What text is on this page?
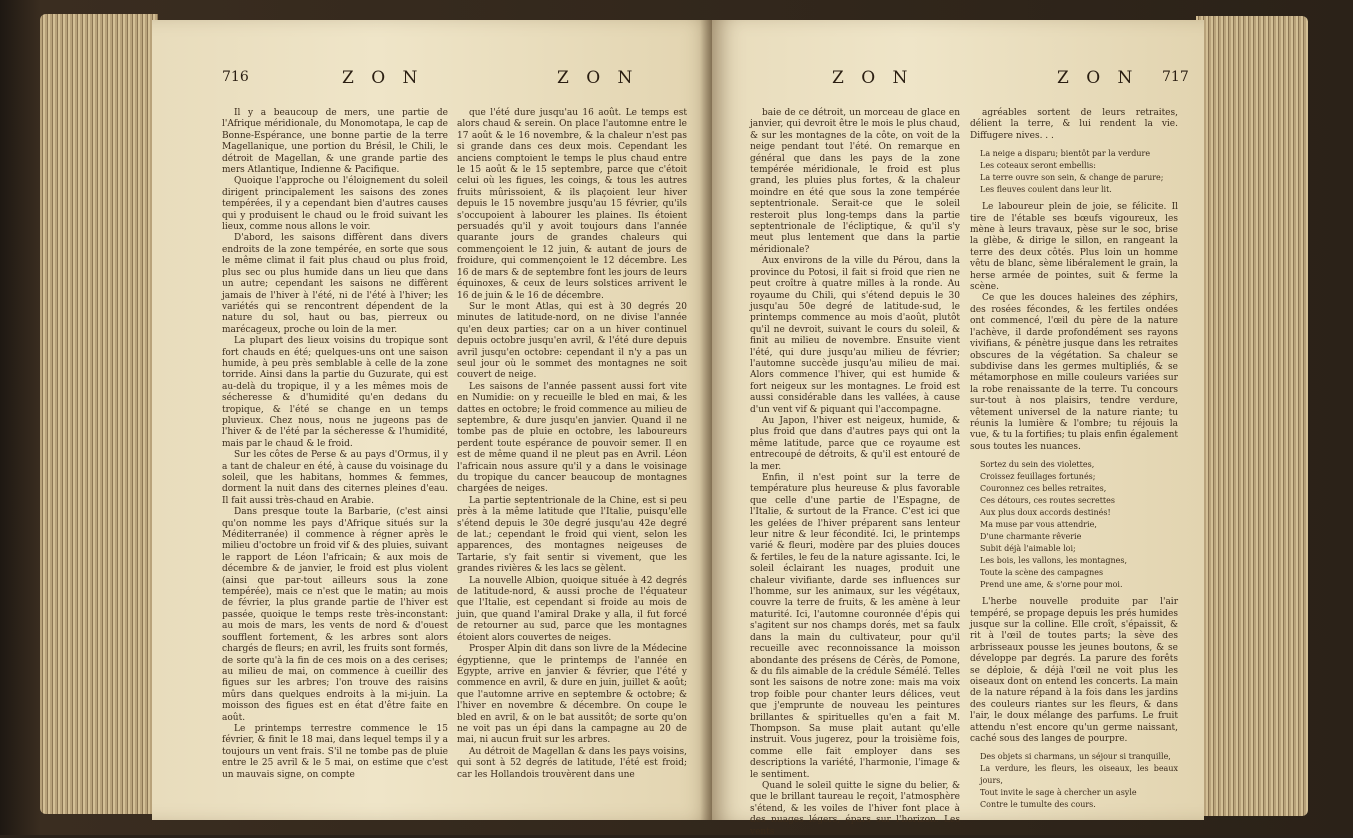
716	Z O N	Z O N

Il y a beaucoup de mers, une partie de l'Afrique méridionale, du Monomotapa, le cap de Bonne-Espérance, une bonne partie de la terre Magellanique, une portion du Brésil, le Chili, le détroit de Magellan, & une grande partie des mers Atlantique, Indienne & Pacifique.

Quoique l'approche ou l'éloignement du soleil dirigent principalement les saisons des zones tempérées, il y a cependant bien d'autres causes qui y produisent le chaud ou le froid suivant les lieux, comme nous allons le voir.

D'abord, les saisons diffèrent dans divers endroits de la zone tempérée, en sorte que sous le même climat il fait plus chaud ou plus froid, plus sec ou plus humide dans un lieu que dans un autre; cependant les saisons ne diffèrent jamais de l'hiver à l'été, ni de l'été à l'hiver; les variétés qui se rencontrent dépendent de la nature du sol, haut ou bas, pierreux ou marécageux, proche ou loin de la mer.

La plupart des lieux voisins du tropique sont fort chauds en été; quelques-uns ont une saison humide, à peu près semblable à celle de la zone torride. Ainsi dans la partie du Guzurate, qui est au-delà du tropique, il y a les mêmes mois de sécheresse & d'humidité qu'en dedans du tropique, & l'été se change en un temps pluvieux. Chez nous, nous ne jugeons pas de l'hiver & de l'été par la sécheresse & l'humidité, mais par le chaud & le froid.

Sur les côtes de Perse & au pays d'Ormus, il y a tant de chaleur en été, à cause du voisinage du soleil, que les habitans, hommes & femmes, dorment la nuit dans des citernes pleines d'eau. Il fait aussi très-chaud en Arabie.

Dans presque toute la Barbarie, (c'est ainsi qu'on nomme les pays d'Afrique situés sur la Méditerranée) il commence à régner après le milieu d'octobre un froid vif & des pluies, suivant le rapport de Léon l'africain; & aux mois de décembre & de janvier, le froid est plus violent (ainsi que par-tout ailleurs sous la zone tempérée), mais ce n'est que le matin; au mois de février, la plus grande partie de l'hiver est passée, quoique le temps reste très-inconstant: au mois de mars, les vents de nord & d'ouest soufflent fortement, & les arbres sont alors chargés de fleurs; en avril, les fruits sont formés, de sorte qu'à la fin de ces mois on a des cerises; au milieu de mai, on commence à cueillir des figues sur les arbres; l'on trouve des raisins mûrs dans quelques endroits à la mi-juin. La moisson des figues est en état d'être faite en août.

Le printemps terrestre commence le 15 février, & finit le 18 mai, dans lequel temps il y a toujours un vent frais. S'il ne tombe pas de pluie entre le 25 avril & le 5 mai, on estime que c'est un mauvais signe, on compte

que l'été dure jusqu'au 16 août. Le temps est alors chaud & serein. On place l'automne entre le 17 août & le 16 novembre, & la chaleur n'est pas si grande dans ces deux mois. Cependant les anciens comptoient le temps le plus chaud entre le 15 août & le 15 septembre, parce que c'étoit celui où les figues, les coings, & tous les autres fruits mûrissoient, & ils plaçoient leur hiver depuis le 15 novembre jusqu'au 15 février, qu'ils s'occupoient à labourer les plaines. Ils étoient persuadés qu'il y avoit toujours dans l'année quarante jours de grandes chaleurs qui commençoient le 12 juin, & autant de jours de froidure, qui commençoient le 12 décembre. Les 16 de mars & de septembre font les jours de leurs équinoxes, & ceux de leurs solstices arrivent le 16 de juin & le 16 de décembre.

Sur le mont Atlas, qui est à 30 degrés 20 minutes de latitude-nord, on ne divise l'année qu'en deux parties; car on a un hiver continuel depuis octobre jusqu'en avril, & l'été dure depuis avril jusqu'en octobre: cependant il n'y a pas un seul jour où le sommet des montagnes ne soit couvert de neige.

Les saisons de l'année passent aussi fort vite en Numidie: on y recueille le bled en mai, & les dattes en octobre; le froid commence au milieu de septembre, & dure jusqu'en janvier. Quand il ne tombe pas de pluie en octobre, les laboureurs perdent toute espérance de pouvoir semer. Il en est de même quand il ne pleut pas en Avril. Léon l'africain nous assure qu'il y a dans le voisinage du tropique du cancer beaucoup de montagnes chargées de neiges.

La partie septentrionale de la Chine, est si peu près à la même latitude que l'Italie, puisqu'elle s'étend depuis le 30e degré jusqu'au 42e degré de lat.; cependant le froid qui vient, selon les apparences, des montagnes neigeuses de Tartarie, s'y fait sentir si vivement, que les grandes rivières & les lacs se gèlent.

La nouvelle Albion, quoique située à 42 degrés de latitude-nord, & aussi proche de l'équateur que l'Italie, est cependant si froide au mois de juin, que quand l'amiral Drake y alla, il fut forcé de retourner au sud, parce que les montagnes étoient alors couvertes de neiges.

Prosper Alpin dit dans son livre de la Médecine égyptienne, que le printemps de l'année en Egypte, arrive en janvier & février, que l'été y commence en avril, & dure en juin, juillet & août; que l'automne arrive en septembre & octobre; & l'hiver en novembre & décembre. On coupe le bled en avril, & on le bat aussitôt; de sorte qu'on ne voit pas un épi dans la campagne au 20 de mai, ni aucun fruit sur les arbres.

Au détroit de Magellan & dans les pays voisins, qui sont à 52 degrés de latitude, l'été est froid; car les Hollandois trouvèrent dans une

Z O N	Z O N 717

baie de ce détroit, un morceau de glace en janvier, qui devroit être le mois le plus chaud, & sur les montagnes de la côte, on voit de la neige pendant tout l'été. On remarque en général que dans les pays de la zone tempérée méridionale, le froid est plus grand, les pluies plus fortes, & la chaleur moindre en été que sous la zone tempérée septentrionale. Serait-ce que le soleil resteroit plus long-temps dans la partie septentrionale de l'écliptique, & qu'il s'y meut plus lentement que dans la partie méridionale?

Aux environs de la ville du Pérou, dans la province du Potosi, il fait si froid que rien ne peut croître à quatre milles à la ronde. Au royaume du Chili, qui s'étend depuis le 30 jusqu'au 50e degré de latitude-sud, le printemps commence au mois d'août, plutôt qu'il ne devroit, suivant le cours du soleil, & finit au milieu de novembre. Ensuite vient l'été, qui dure jusqu'au milieu de février; l'automne succède jusqu'au milieu de mai. Alors commence l'hiver, qui est humide & fort neigeux sur les montagnes. Le froid est aussi considérable dans les vallées, à cause d'un vent vif & piquant qui l'accompagne.

Au Japon, l'hiver est neigeux, humide, & plus froid que dans d'autres pays qui ont la même latitude, parce que ce royaume est entrecoupé de détroits, & qu'il est entouré de la mer.

Enfin, il n'est point sur la terre de température plus heureuse & plus favorable que celle d'une partie de l'Espagne, de l'Italie, & surtout de la France. C'est ici que les gelées de l'hiver préparent sans lenteur leur nitre & leur fécondité. Ici, le printemps varié & fleuri, modère par des pluies douces & fertiles, le feu de la nature agissante. Ici, le soleil éclairant les nuages, produit une chaleur vivifiante, darde ses influences sur l'homme, sur les animaux, sur les végétaux, couvre la terre de fruits, & les amène à leur maturité. Ici, l'automne couronnée d'épis qui s'agitent sur nos champs dorés, met sa faulx dans la main du cultivateur, pour qu'il recueille avec reconnoissance la moisson abondante des présens de Cérès, de Pomone, & du fils aimable de la crédule Sémélé. Telles sont les saisons de notre zone: mais ma voix trop foible pour chanter leurs délices, veut que j'emprunte de nouveau les peintures brillantes & spirituelles qu'en a fait M. Thompson. Sa muse plait autant qu'elle instruit. Vous jugerez, pour la troisième fois, comme elle fait employer dans ses descriptions la variété, l'harmonie, l'image & le sentiment.

Quand le soleil quitte le signe du belier, & que le brillant taureau le reçoit, l'atmosphère s'étend, & les voiles de l'hiver font place à des nuages légers, épars sur l'horizon. Les vents

agréables sortent de leurs retraites, délient la terre, & lui rendent la vie. Diffugere nives. . .

La neige a disparu; bientôt par la verdure
Les coteaux seront embellis:
La terre ouvre son sein, & change de parure;
Les fleuves coulent dans leur lit.

Le laboureur plein de joie, se félicite. Il tire de l'étable ses bœufs vigoureux, les mène à leurs travaux, pèse sur le soc, brise la glèbe, & dirige le sillon, en rangeant la terre des deux côtés. Plus loin un homme vêtu de blanc, sème libéralement le grain, la herse armée de pointes, suit & ferme la scène.

Ce que les douces haleines des zéphirs, des rosées fécondes, & les fertiles ondées ont commencé, l'œil du père de la nature l'achève, il darde profondément ses rayons vivifians, & pénètre jusque dans les retraites obscures de la végétation. Sa chaleur se subdivise dans les germes multipliés, & se métamorphose en mille couleurs variées sur la robe renaissante de la terre. Tu concours sur-tout à nos plaisirs, tendre verdure, vêtement universel de la nature riante; tu réunis la lumière & l'ombre; tu réjouis la vue, & tu la fortifies; tu plais enfin également sous toutes les nuances.

Sortez du sein des violettes,
Croissez feuillages fortunés;
Couronnez ces belles retraites,
Ces détours, ces routes secrettes
Aux plus doux accords destinés!
Ma muse par vous attendrie,
D'une charmante rêverie
Subit déjà l'aimable loi;
Les bois, les vallons, les montagnes,
Toute la scène des campagnes
Prend une ame, & s'orne pour moi.

L'herbe nouvelle produite par l'air tempéré, se propage depuis les prés humides jusque sur la colline. Elle croît, s'épaissit, & rit à l'œil de toutes parts; la sève des arbrisseaux pousse les jeunes boutons, & se développe par degrés. La parure des forêts se déploie, & déjà l'œil ne voit plus les oiseaux dont on entend les concerts. La main de la nature répand à la fois dans les jardins des couleurs riantes sur les fleurs, & dans l'air, le doux mélange des parfums. Le fruit attendu n'est encore qu'un germe naissant, caché sous des langes de pourpre.

Des objets si charmans, un séjour si tranquille,
La verdure, les fleurs, les oiseaux, les beaux jours,
Tout invite le sage à chercher un asyle
Contre le tumulte des cours.
